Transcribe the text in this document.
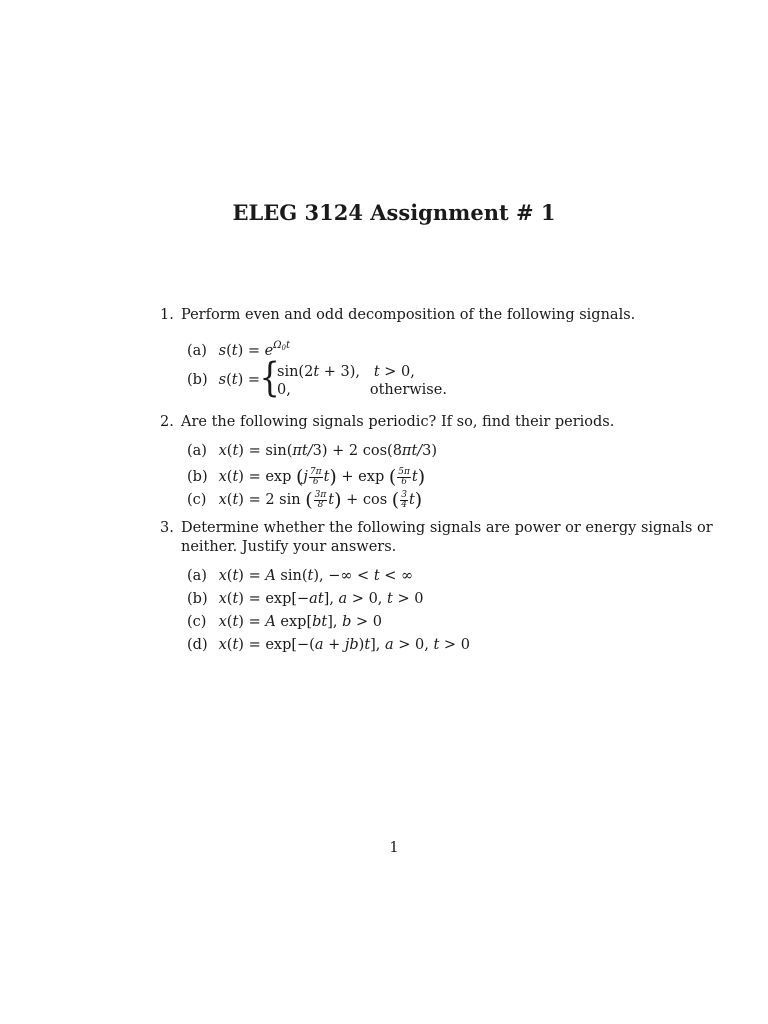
ELEG 3124 Assignment # 1
1. Perform even and odd decomposition of the following signals.
(a) $s(t) = e^{\Omega_0t}$
(b) s(t) = {
sin(2t + 3),   t > 0,
0,	otherwise.
2. Are the following signals periodic? If so, find their periods.
(a) x(t) = sin(πt/3) + 2 cos(8πt/3)
(b) $x(t) = \exp (j \frac{7\pi}{6} t) + \exp$ ( $\frac{5\pi}{6} t$)
(c) x(t) = 2 sin ( $\frac{3\pi}{8} t) + \cos$ ( $\frac{3}{4} t$)
3. Determine whether the following signals are power or energy signals or
neither. Justify your answers.
(a) x(t) = A sin(t), −∞ < t < ∞
(b) x(t) = exp[−at], a > 0, t > 0
(c) x(t) = A exp[bt], b > 0
(d) x(t) = exp[−(a + jb)t], a > 0, t > 0
1
